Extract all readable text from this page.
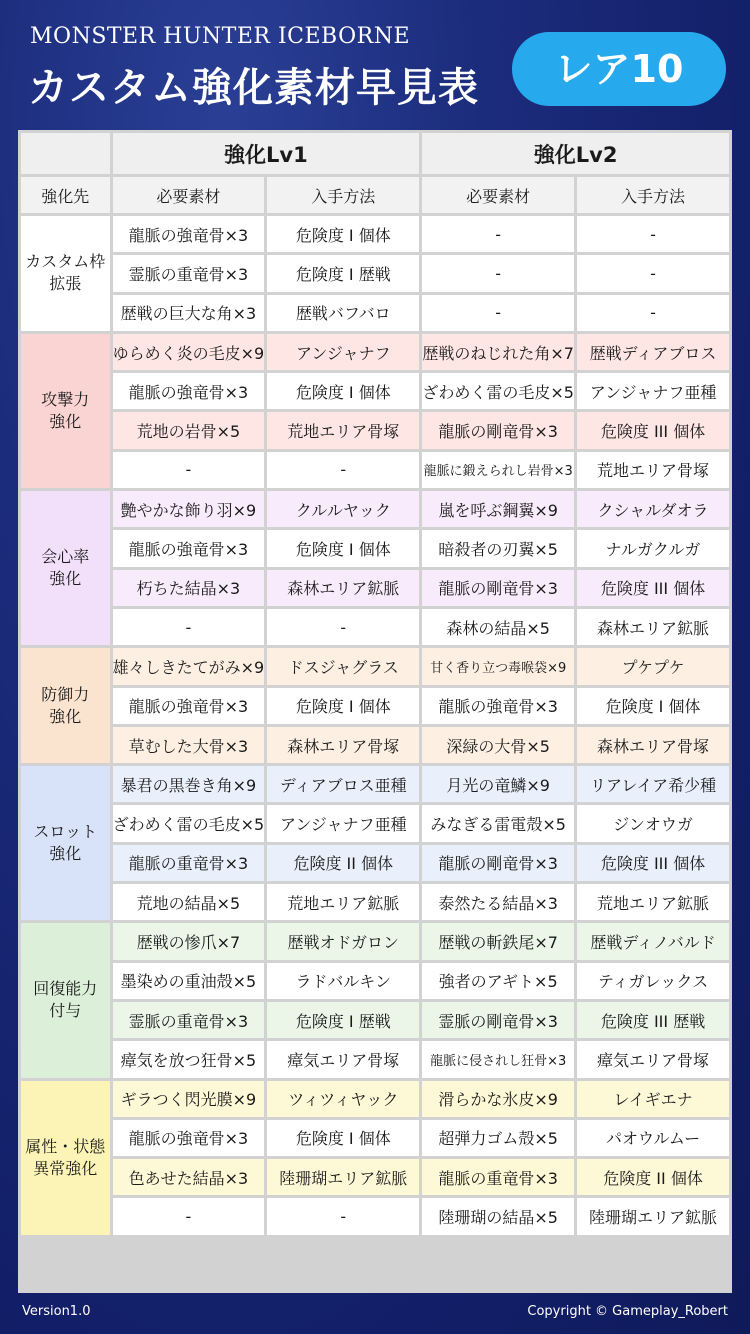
MONSTER HUNTER ICEBORNE
カスタム強化素材早見表	レア10
	強化Lv1		強化Lv2	
強化先	必要素材	入手方法	必要素材	入手方法

カスタム枠
拡張	龍脈の強竜骨×3	危険度 I 個体	-	-
	霊脈の重竜骨×3	危険度 I 歴戦	-	-
	歴戦の巨大な角×3	歴戦バフバロ	-	-

攻撃力
強化	ゆらめく炎の毛皮×9	アンジャナフ	歴戦のねじれた角×7	歴戦ディアブロス
	龍脈の強竜骨×3	危険度 I 個体	ざわめく雷の毛皮×5	アンジャナフ亜種
	荒地の岩骨×5	荒地エリア骨塚	龍脈の剛竜骨×3	危険度 III 個体
	-	-	龍脈に鍛えられし岩骨×3	荒地エリア骨塚

会心率
強化	艶やかな飾り羽×9	クルルヤック	嵐を呼ぶ鋼翼×9	クシャルダオラ
	龍脈の強竜骨×3	危険度 I 個体	暗殺者の刃翼×5	ナルガクルガ
	朽ちた結晶×3	森林エリア鉱脈	龍脈の剛竜骨×3	危険度 III 個体
	-	-	森林の結晶×5	森林エリア鉱脈

防御力
強化	雄々しきたてがみ×9	ドスジャグラス	甘く香り立つ毒喉袋×9	プケプケ
	龍脈の強竜骨×3	危険度 I 個体	龍脈の強竜骨×3	危険度 I 個体
	草むした大骨×3	森林エリア骨塚	深緑の大骨×5	森林エリア骨塚

スロット
強化	暴君の黒巻き角×9	ディアブロス亜種	月光の竜鱗×9	リアレイア希少種
	ざわめく雷の毛皮×5	アンジャナフ亜種	みなぎる雷電殻×5	ジンオウガ
	龍脈の重竜骨×3	危険度 II 個体	龍脈の剛竜骨×3	危険度 III 個体
	荒地の結晶×5	荒地エリア鉱脈	泰然たる結晶×3	荒地エリア鉱脈

回復能力
付与	歴戦の惨爪×7	歴戦オドガロン	歴戦の斬鉄尾×7	歴戦ディノバルド
	墨染めの重油殻×5	ラドバルキン	強者のアギト×5	ティガレックス
	霊脈の重竜骨×3	危険度 I 歴戦	霊脈の剛竜骨×3	危険度 III 歴戦
	瘴気を放つ狂骨×5	瘴気エリア骨塚	龍脈に侵されし狂骨×3	瘴気エリア骨塚

属性・状態
異常強化	ギラつく閃光膜×9	ツィツィヤック	滑らかな氷皮×9	レイギエナ
	龍脈の強竜骨×3	危険度 I 個体	超弾力ゴム殻×5	パオウルムー
	色あせた結晶×3	陸珊瑚エリア鉱脈	龍脈の重竜骨×3	危険度 II 個体
	-	-	陸珊瑚の結晶×5	陸珊瑚エリア鉱脈
Version1.0	Copyright © Gameplay_Robert
